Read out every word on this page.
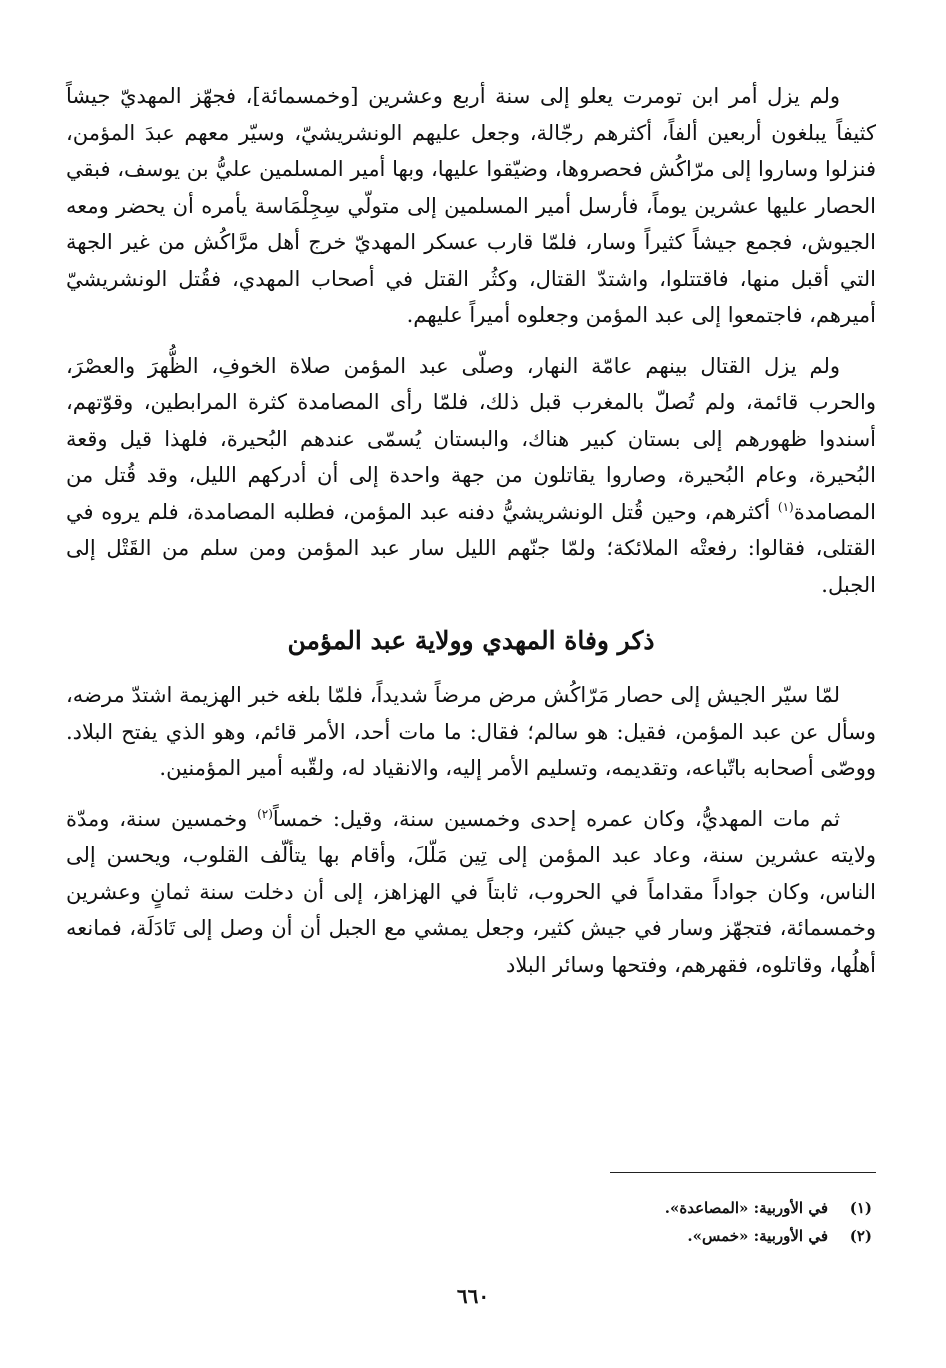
ولم يزل أمر ابن تومرت يعلو إلى سنة أربع وعشرين [وخمسمائة]، فجهّز المهديّ جيشاً كثيفاً يبلغون أربعين ألفاً، أكثرهم رجّالة، وجعل عليهم الونشريشيّ، وسيّر معهم عبدَ المؤمن، فنزلوا وساروا إلى مرّاكُش فحصروها، وضيّقوا عليها، وبها أمير المسلمين عليُّ بن يوسف، فبقي الحصار عليها عشرين يوماً، فأرسل أمير المسلمين إلى متولّي سِجِلْمَاسة يأمره أن يحضر ومعه الجيوش، فجمع جيشاً كثيراً وسار، فلمّا قارب عسكر المهديّ خرج أهل مرَّاكُش من غير الجهة التي أقبل منها، فاقتتلوا، واشتدّ القتال، وكثُر القتل في أصحاب المهدي، فقُتل الونشريشيّ أميرهم، فاجتمعوا إلى عبد المؤمن وجعلوه أميراً عليهم.

ولم يزل القتال بينهم عامّة النهار، وصلّى عبد المؤمن صلاة الخوفِ، الظُّهرَ والعصْرَ، والحرب قائمة، ولم تُصلّ بالمغرب قبل ذلك، فلمّا رأى المصامدة كثرة المرابطين، وقوّتهم، أسندوا ظهورهم إلى بستان كبير هناك، والبستان يُسمّى عندهم البُحيرة، فلهذا قيل وقعة البُحيرة، وعام البُحيرة، وصاروا يقاتلون من جهة واحدة إلى أن أدركهم الليل، وقد قُتل من المصامدة$^{(١)}$ أكثرهم، وحين قُتل الونشريشيُّ دفنه عبد المؤمن، فطلبه المصامدة، فلم يروه في القتلى، فقالوا: رفعتْه الملائكة؛ ولمّا جنّهم الليل سار عبد المؤمن ومن سلم من القَتْل إلى الجبل.

ذكر وفاة المهدي وولاية عبد المؤمن

لمّا سيّر الجيش إلى حصار مَرّاكُش مرض مرضاً شديداً، فلمّا بلغه خبر الهزيمة اشتدّ مرضه، وسأل عن عبد المؤمن، فقيل: هو سالم؛ فقال: ما مات أحد، الأمر قائم، وهو الذي يفتح البلاد. ووصّى أصحابه باتّباعه، وتقديمه، وتسليم الأمر إليه، والانقياد له، ولقّبه أمير المؤمنين.

ثم مات المهديُّ، وكان عمره إحدى وخمسين سنة، وقيل: خمساً$^{(٢)}$ وخمسين سنة، ومدّة ولايته عشرين سنة، وعاد عبد المؤمن إلى تِين مَلّلَ، وأقام بها يتألّف القلوب، ويحسن إلى الناس، وكان جواداً مقداماً في الحروب، ثابتاً في الهزاهز، إلى أن دخلت سنة ثمانٍ وعشرين وخمسمائة، فتجهّز وسار في جيش كثير، وجعل يمشي مع الجبل أن أن وصل إلى تَادَلَة، فمانعه أهلُها، وقاتلوه، فقهرهم، وفتحها وسائر البلاد

(١)
في الأوربية: «المصاعدة».
(٢)
في الأوربية: «خمس».
٦٦٠
